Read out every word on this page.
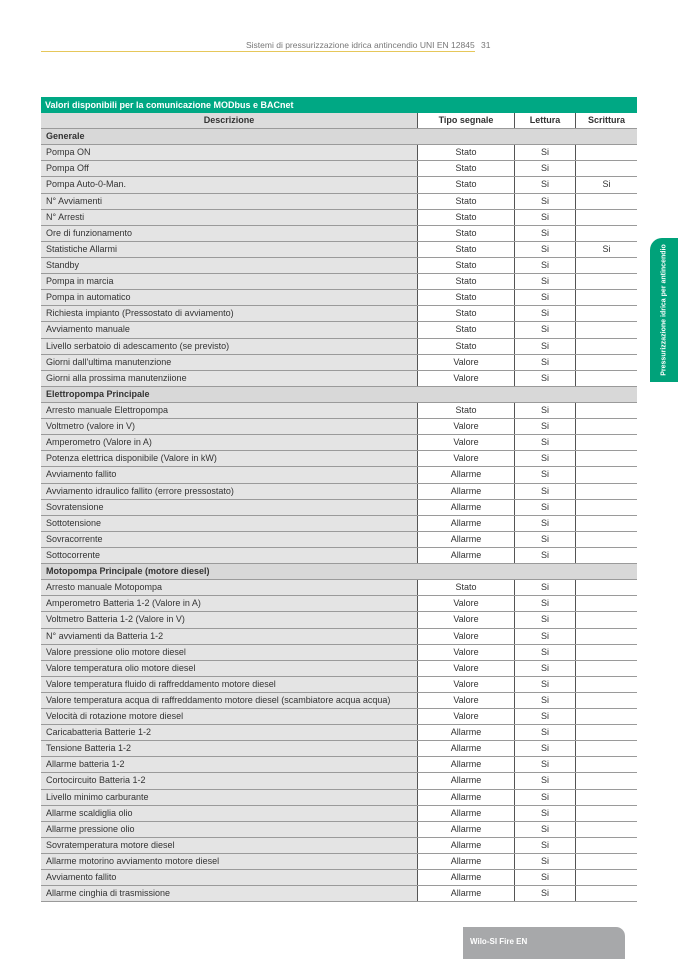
Sistemi di pressurizzazione idrica antincendio UNI EN 12845 31
Valori disponibili per la comunicazione MODbus e BACnet
Descrizione	Tipo segnale	Lettura	Scrittura
Generale
Pompa ON	Stato	Si
Pompa Off	Stato	Si
Pompa Auto-0-Man.	Stato	Si	Si
N° Avviamenti	Stato	Si
N° Arresti	Stato	Si
Ore di funzionamento	Stato	Si
Statistiche Allarmi	Stato	Si	Si
Standby	Stato	Si
Pompa in marcia	Stato	Si
Pompa in automatico	Stato	Si
Richiesta impianto (Pressostato di avviamento)	Stato	Si
Avviamento manuale	Stato	Si
Livello serbatoio di adescamento (se previsto)	Stato	Si
Giorni dall'ultima manutenzione	Valore	Si
Giorni alla prossima manutenziione	Valore	Si
Elettropompa Principale
Arresto manuale Elettropompa	Stato	Si
Voltmetro (valore in V)	Valore	Si
Amperometro (Valore in A)	Valore	Si
Potenza elettrica disponibile (Valore in kW)	Valore	Si
Avviamento fallito	Allarme	Si
Avviamento idraulico fallito (errore pressostato)	Allarme	Si
Sovratensione	Allarme	Si
Sottotensione	Allarme	Si
Sovracorrente	Allarme	Si
Sottocorrente	Allarme	Si
Motopompa Principale (motore diesel)
Arresto manuale Motopompa	Stato	Si
Amperometro Batteria 1-2 (Valore in A)	Valore	Si
Voltmetro Batteria 1-2 (Valore in V)	Valore	Si
N° avviamenti da Batteria 1-2	Valore	Si
Valore pressione olio motore diesel	Valore	Si
Valore temperatura olio motore diesel	Valore	Si
Valore temperatura fluido di raffreddamento motore diesel	Valore	Si
Valore temperatura acqua di raffreddamento motore diesel (scambiatore acqua acqua)	Valore	Si
Velocità di rotazione motore diesel	Valore	Si
Caricabatteria Batterie 1-2	Allarme	Si
Tensione Batteria 1-2	Allarme	Si
Allarme batteria 1-2	Allarme	Si
Cortocircuito Batteria 1-2	Allarme	Si
Livello minimo carburante	Allarme	Si
Allarme scaldiglia olio	Allarme	Si
Allarme pressione olio	Allarme	Si
Sovratemperatura motore diesel	Allarme	Si
Allarme motorino avviamento motore diesel	Allarme	Si
Avviamento fallito	Allarme	Si
Allarme cinghia di trasmissione	Allarme	Si
Pressurizzazione idrica per antincendio
Wilo-SI Fire EN
